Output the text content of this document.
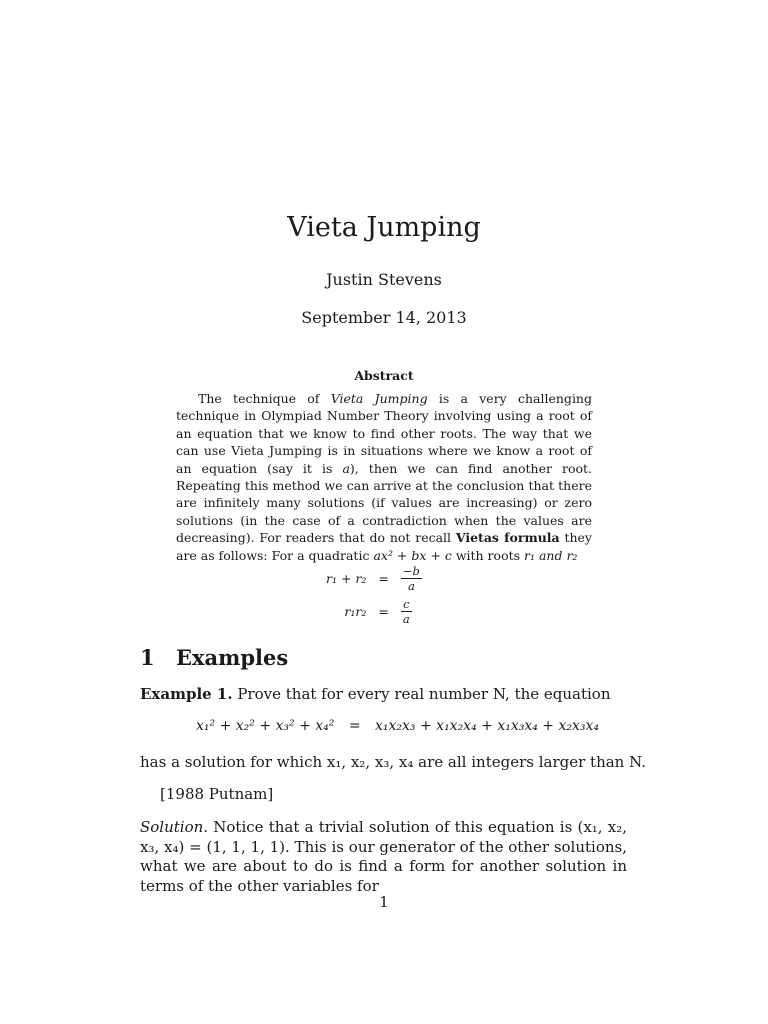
Vieta Jumping
Justin Stevens
September 14, 2013
Abstract
The technique of Vieta Jumping is a very challenging technique in Olympiad Number Theory involving using a root of an equation that we know to find other roots. The way that we can use Vieta Jumping is in situations where we know a root of an equation (say it is a), then we can find another root. Repeating this method we can arrive at the conclusion that there are infinitely many solutions (if values are increasing) or zero solutions (in the case of a contradiction when the values are decreasing). For readers that do not recall Vietas formula they are as follows: For a quadratic ax² + bx + c with roots r₁ and r₂
r₁ + r₂	=	$\frac{-b}{a}$

r₁r₂	=	$\frac{c}{a}$
1 Examples
Example 1. Prove that for every real number N, the equation
x₁² + x₂² + x₃² + x₄² = x₁x₂x₃ + x₁x₂x₄ + x₁x₃x₄ + x₂x₃x₄
has a solution for which x₁, x₂, x₃, x₄ are all integers larger than N.
[1988 Putnam]
Solution. Notice that a trivial solution of this equation is (x₁, x₂, x₃, x₄) = (1, 1, 1, 1). This is our generator of the other solutions, what we are about to do is find a form for another solution in terms of the other variables for
1
